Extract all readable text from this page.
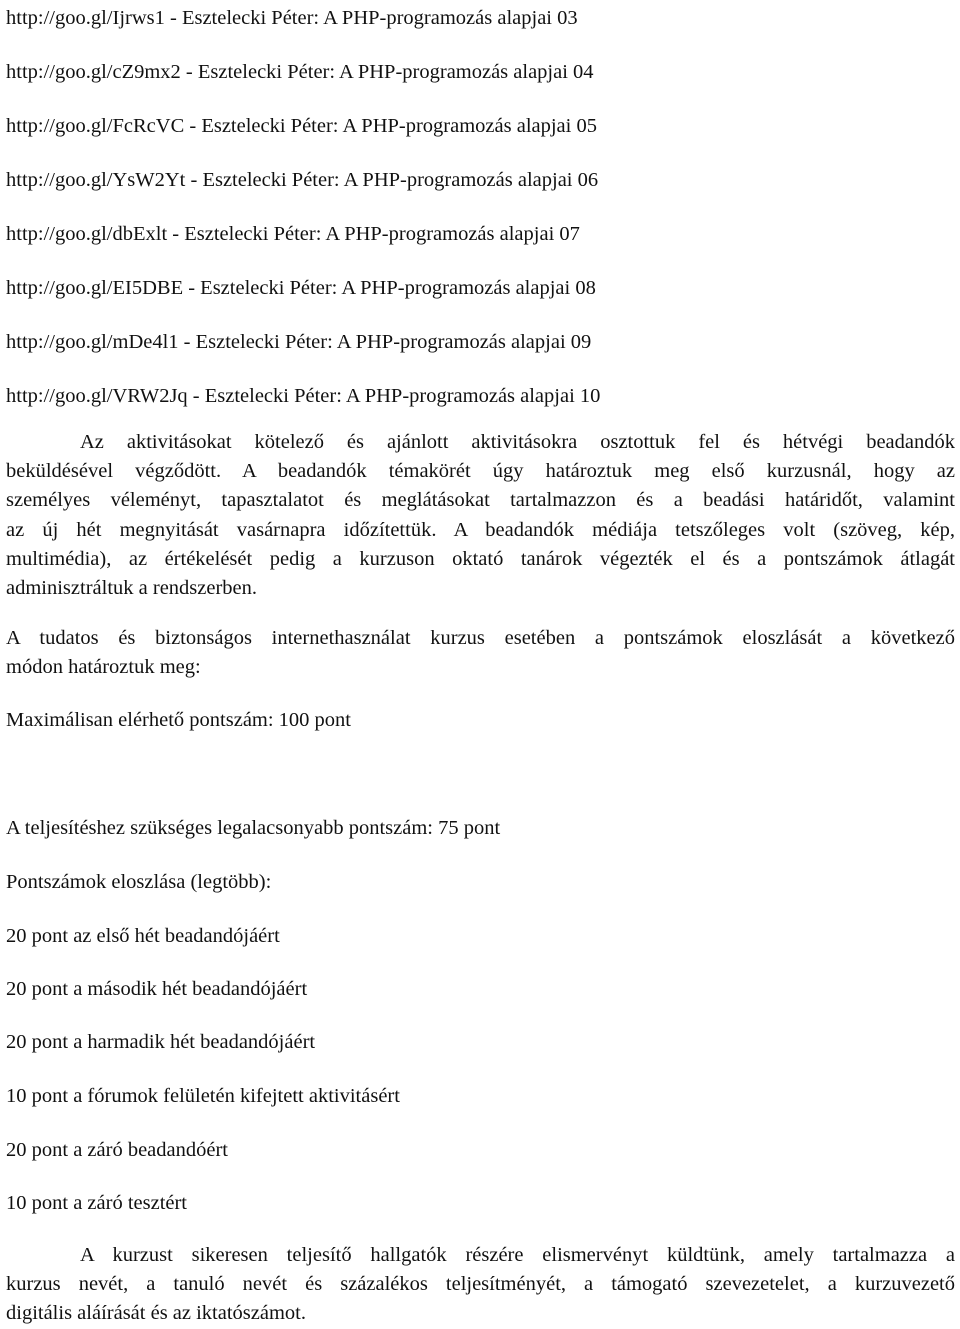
http://goo.gl/Ijrws1 - Esztelecki Péter: A PHP-programozás alapjai 03
http://goo.gl/cZ9mx2 - Esztelecki Péter: A PHP-programozás alapjai 04
http://goo.gl/FcRcVC - Esztelecki Péter: A PHP-programozás alapjai 05
http://goo.gl/YsW2Yt - Esztelecki Péter: A PHP-programozás alapjai 06
http://goo.gl/dbExlt - Esztelecki Péter: A PHP-programozás alapjai 07
http://goo.gl/EI5DBE - Esztelecki Péter: A PHP-programozás alapjai 08
http://goo.gl/mDe4l1 - Esztelecki Péter: A PHP-programozás alapjai 09
http://goo.gl/VRW2Jq - Esztelecki Péter: A PHP-programozás alapjai 10
Az aktivitásokat kötelező és ajánlott aktivitásokra osztottuk fel és hétvégi beadandók
beküldésével végződött. A beadandók témakörét úgy határoztuk meg első kurzusnál, hogy az
személyes véleményt, tapasztalatot és meglátásokat tartalmazzon és a beadási határidőt, valamint
az új hét megnyitását vasárnapra időzítettük. A beadandók médiája tetszőleges volt (szöveg, kép,
multimédia), az értékelését pedig a kurzuson oktató tanárok végezték el és a pontszámok átlagát
adminisztráltuk a rendszerben.
A tudatos és biztonságos internethasználat kurzus esetében a pontszámok eloszlását a következő
módon határoztuk meg:
Maximálisan elérhető pontszám: 100 pont
A teljesítéshez szükséges legalacsonyabb pontszám: 75 pont
Pontszámok eloszlása (legtöbb):
20 pont az első hét beadandójáért
20 pont a második hét beadandójáért
20 pont a harmadik hét beadandójáért
10 pont a fórumok felületén kifejtett aktivitásért
20 pont a záró beadandóért
10 pont a záró tesztért
A kurzust sikeresen teljesítő hallgatók részére elismervényt küldtünk, amely tartalmazza a
kurzus nevét, a tanuló nevét és százalékos teljesítményét, a támogató szevezetelet, a kurzuvezető
digitális aláírását és az iktatószámot.
